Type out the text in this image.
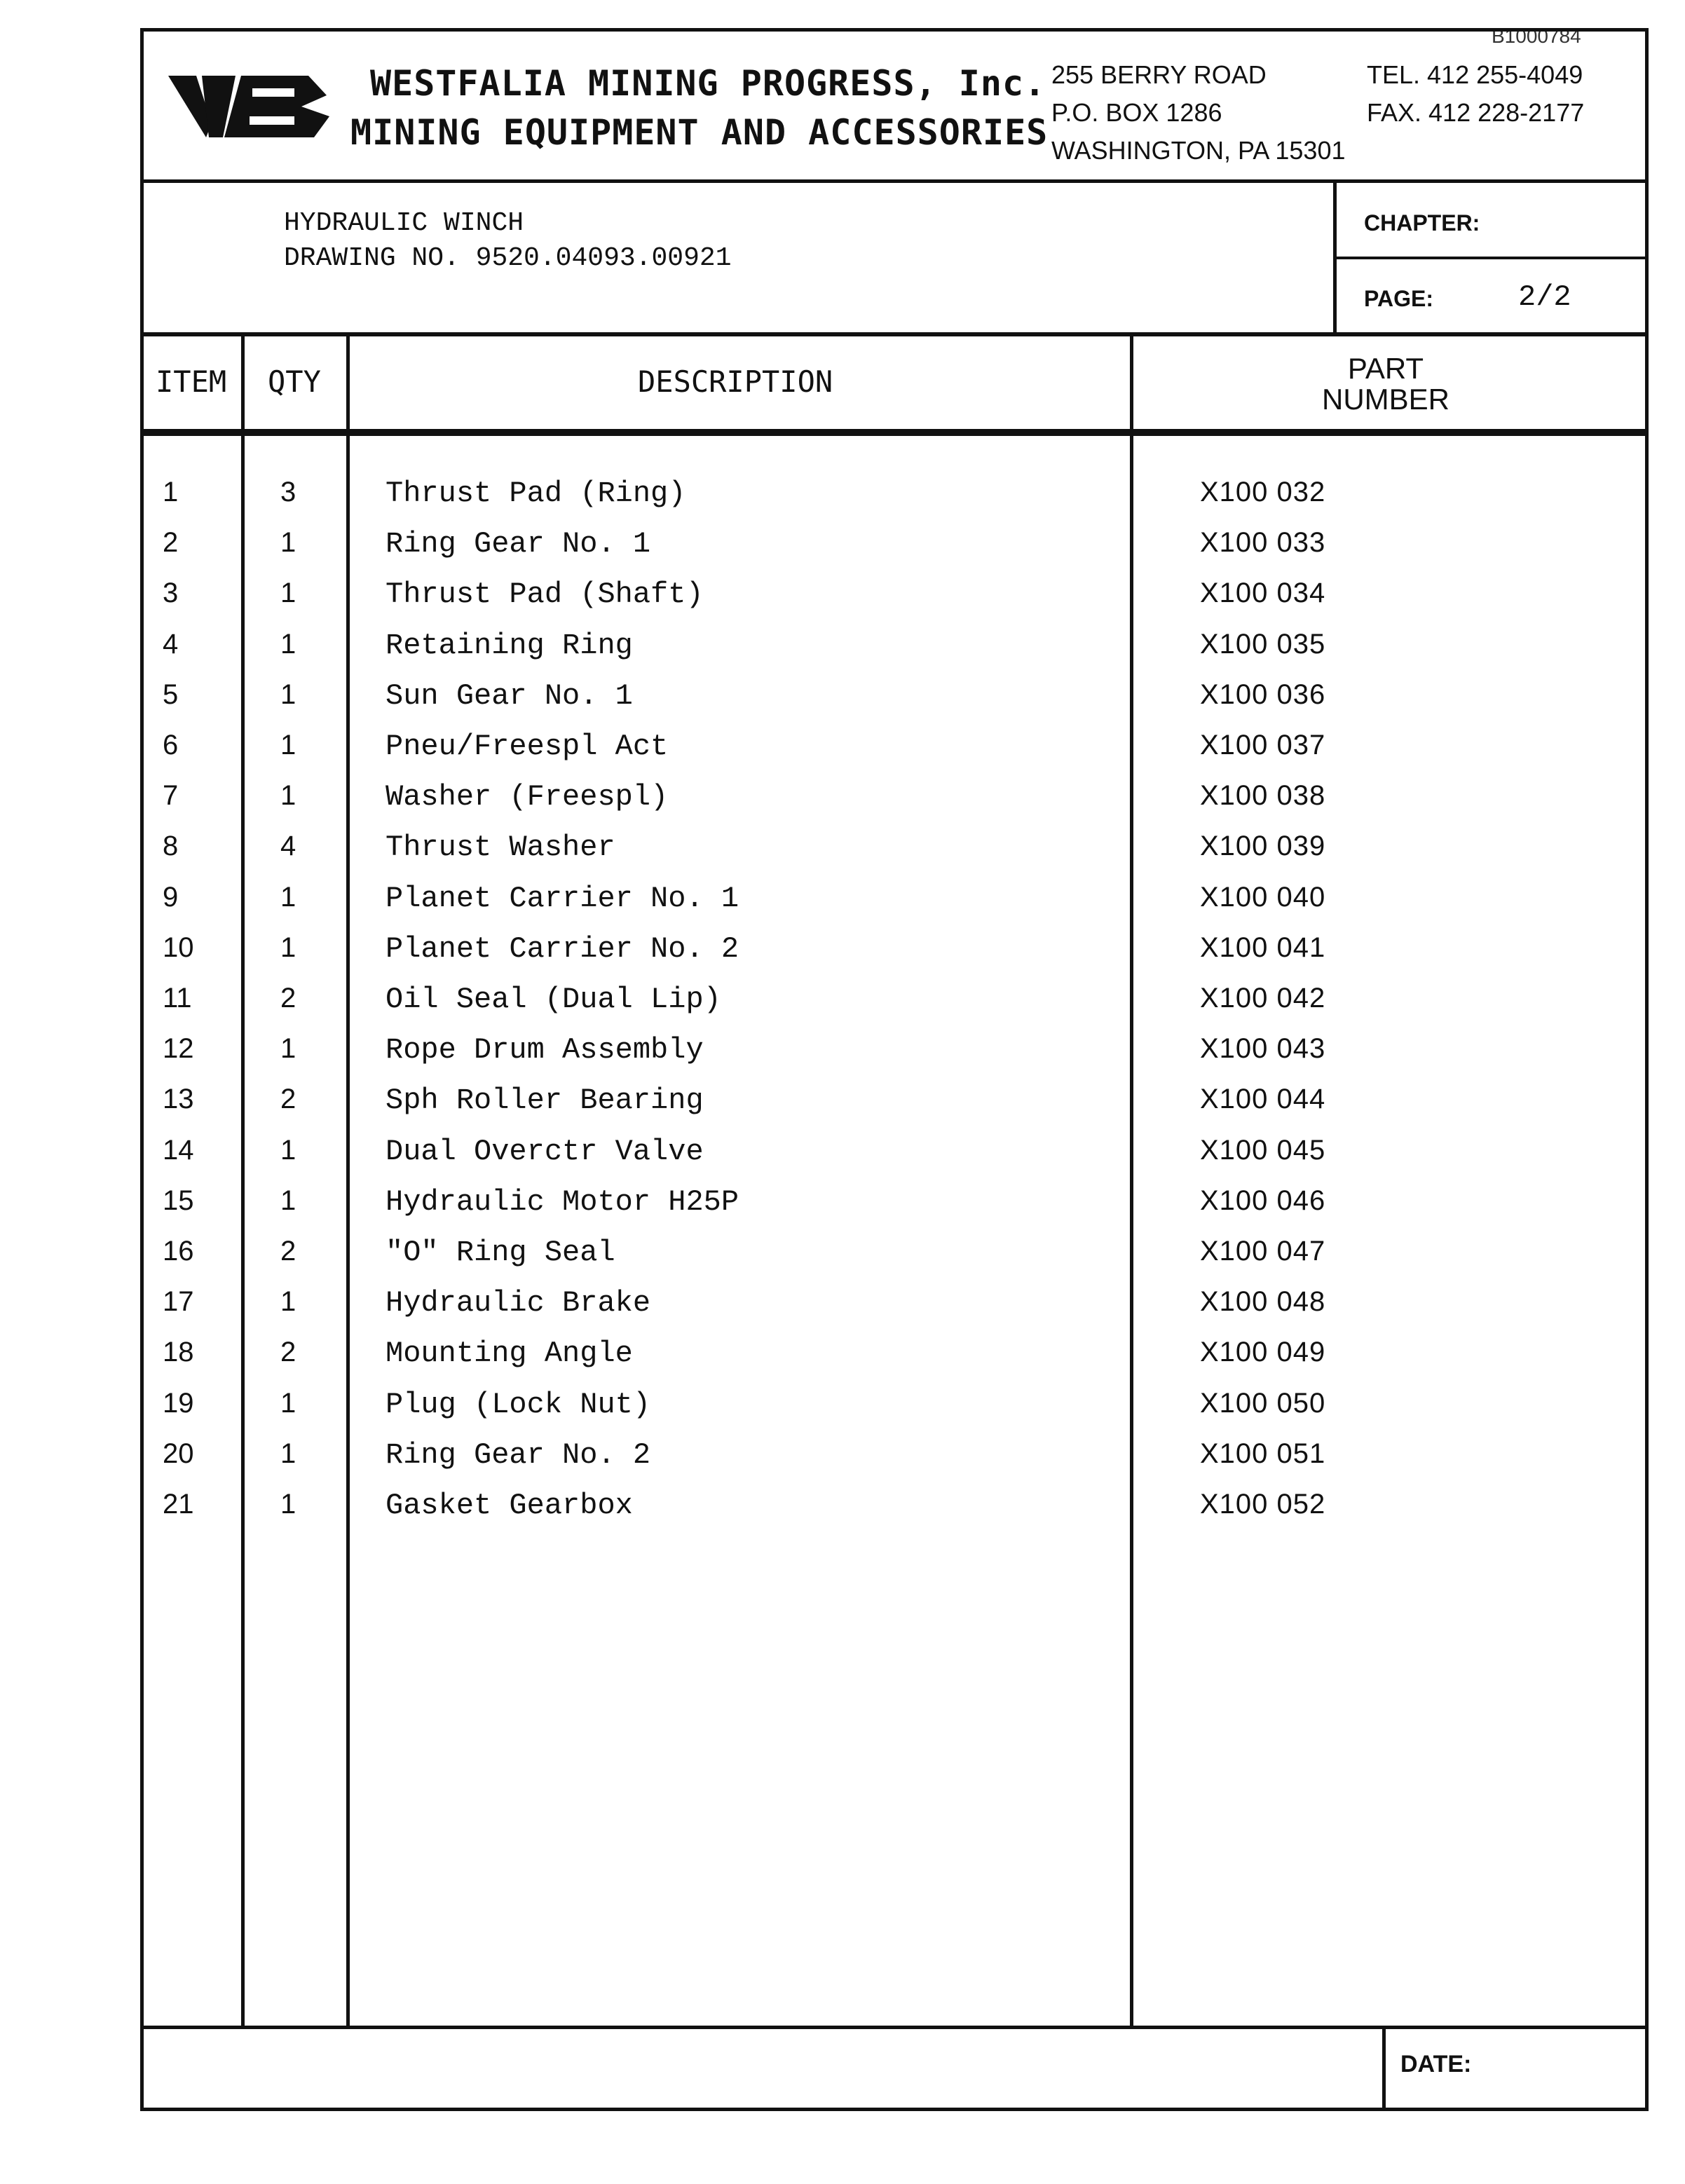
B1000784
WESTFALIA MINING PROGRESS, Inc.
MINING EQUIPMENT AND ACCESSORIES
255 BERRY ROAD
P.O. BOX 1286
WASHINGTON, PA 15301
TEL. 412 255-4049
FAX. 412 228-2177
HYDRAULIC WINCH
DRAWING NO. 9520.04093.00921
CHAPTER:
PAGE:	2/2
ITEM QTY	DESCRIPTION	PART
NUMBER
1	3	Thrust Pad (Ring)	X100 032
2	1	Ring Gear No. 1	X100 033
3	1	Thrust Pad (Shaft)	X100 034
4	1	Retaining Ring	X100 035
5	1	Sun Gear No. 1	X100 036
6	1	Pneu/Freespl Act	X100 037
7	1	Washer (Freespl)	X100 038
8	4	Thrust Washer	X100 039
9	1	Planet Carrier No. 1	X100 040
10	1	Planet Carrier No. 2	X100 041
11	2	Oil Seal (Dual Lip)	X100 042
12	1	Rope Drum Assembly	X100 043
13	2	Sph Roller Bearing	X100 044
14	1	Dual Overctr Valve	X100 045
15	1	Hydraulic Motor H25P	X100 046
16	2	"O" Ring Seal	X100 047
17	1	Hydraulic Brake	X100 048
18	2	Mounting Angle	X100 049
19	1	Plug (Lock Nut)	X100 050
20	1	Ring Gear No. 2	X100 051
21	1	Gasket Gearbox	X100 052
DATE:
